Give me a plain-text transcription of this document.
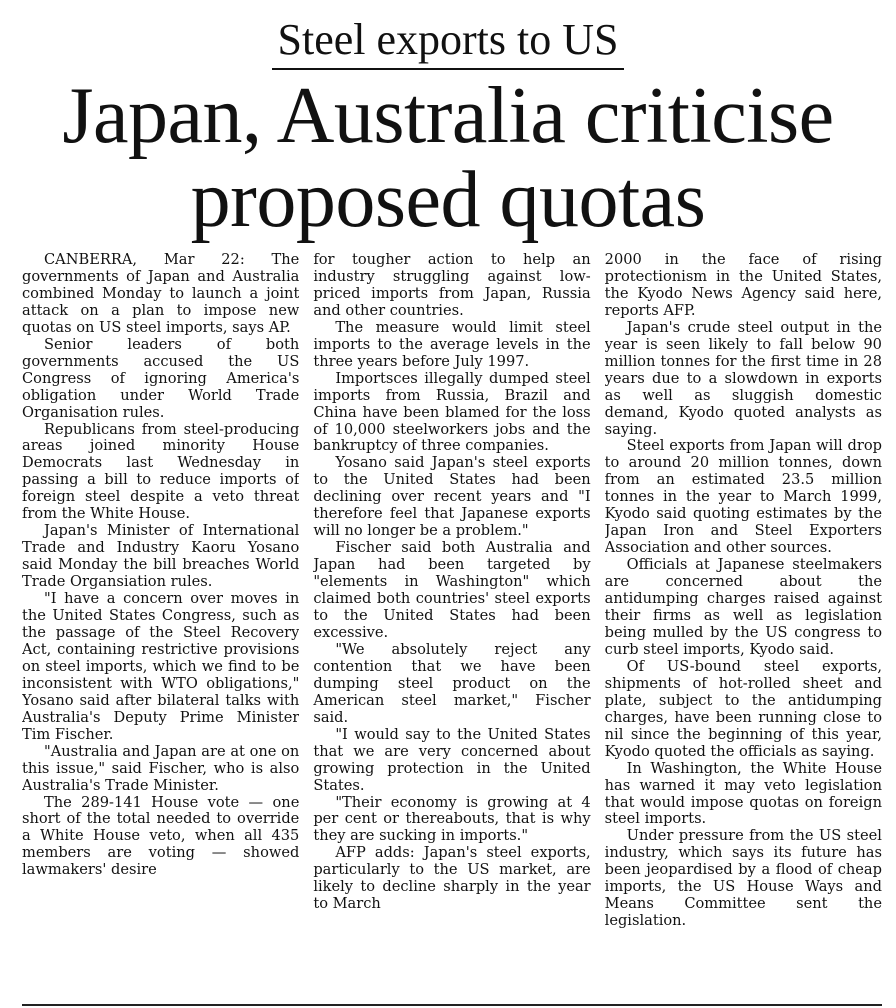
Steel exports to US
Japan, Australia criticise
proposed quotas

CANBERRA, Mar 22: The governments of Japan and Australia combined Monday to launch a joint attack on a plan to impose new quotas on US steel imports, says AP.

Senior leaders of both governments accused the US Congress of ignoring America's obligation under World Trade Organisation rules.

Republicans from steel-producing areas joined minority House Democrats last Wednesday in passing a bill to reduce imports of foreign steel despite a veto threat from the White House.

Japan's Minister of International Trade and Industry Kaoru Yosano said Monday the bill breaches World Trade Organsiation rules.

"I have a concern over moves in the United States Congress, such as the passage of the Steel Recovery Act, containing restrictive provisions on steel imports, which we find to be inconsistent with WTO obligations," Yosano said after bilateral talks with Australia's Deputy Prime Minister Tim Fischer.

"Australia and Japan are at one on this issue," said Fischer, who is also Australia's Trade Minister.

The 289-141 House vote — one short of the total needed to override a White House veto, when all 435 members are voting — showed lawmakers' desire

for tougher action to help an industry struggling against low-priced imports from Japan, Russia and other countries.

The measure would limit steel imports to the average levels in the three years before July 1997.

Importsces illegally dumped steel imports from Russia, Brazil and China have been blamed for the loss of 10,000 steelworkers jobs and the bankruptcy of three companies.

Yosano said Japan's steel exports to the United States had been declining over recent years and "I therefore feel that Japanese exports will no longer be a problem."

Fischer said both Australia and Japan had been targeted by "elements in Washington" which claimed both countries' steel exports to the United States had been excessive.

"We absolutely reject any contention that we have been dumping steel product on the American steel market," Fischer said.

"I would say to the United States that we are very concerned about growing protection in the United States.

"Their economy is growing at 4 per cent or thereabouts, that is why they are sucking in imports."

AFP adds: Japan's steel exports, particularly to the US market, are likely to decline sharply in the year to March

2000 in the face of rising protectionism in the United States, the Kyodo News Agency said here, reports AFP.

Japan's crude steel output in the year is seen likely to fall below 90 million tonnes for the first time in 28 years due to a slowdown in exports as well as sluggish domestic demand, Kyodo quoted analysts as saying.

Steel exports from Japan will drop to around 20 million tonnes, down from an estimated 23.5 million tonnes in the year to March 1999, Kyodo said quoting estimates by the Japan Iron and Steel Exporters Association and other sources.

Officials at Japanese steelmakers are concerned about the antidumping charges raised against their firms as well as legislation being mulled by the US congress to curb steel imports, Kyodo said.

Of US-bound steel exports, shipments of hot-rolled sheet and plate, subject to the antidumping charges, have been running close to nil since the beginning of this year, Kyodo quoted the officials as saying.

In Washington, the White House has warned it may veto legislation that would impose quotas on foreign steel imports.

Under pressure from the US steel industry, which says its future has been jeopardised by a flood of cheap imports, the US House Ways and Means Committee sent the legislation.
